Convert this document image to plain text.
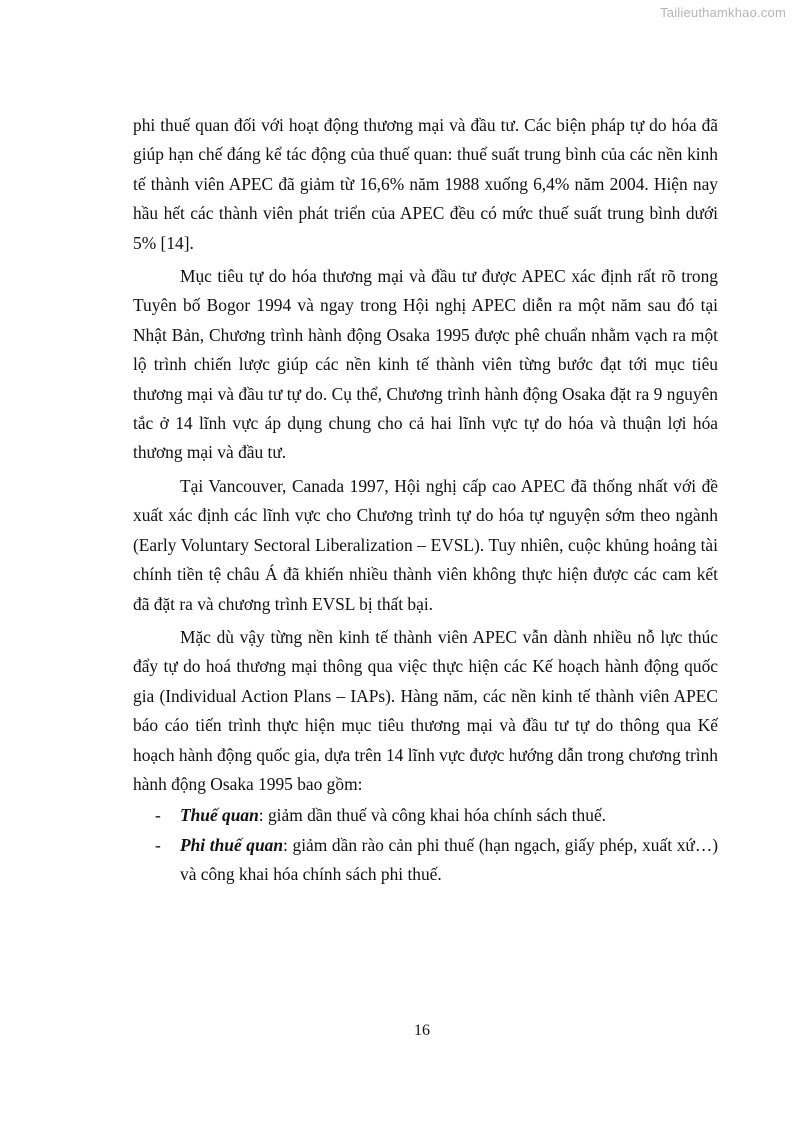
Tailieuthamkhao.com

phi thuế quan đối với hoạt động thương mại và đầu tư. Các biện pháp tự do hóa đã giúp hạn chế đáng kể tác động của thuế quan: thuế suất trung bình của các nền kinh tế thành viên APEC đã giảm từ 16,6% năm 1988 xuống 6,4% năm 2004. Hiện nay hầu hết các thành viên phát triển của APEC đều có mức thuế suất trung bình dưới 5% [14].

Mục tiêu tự do hóa thương mại và đầu tư được APEC xác định rất rõ trong Tuyên bố Bogor 1994 và ngay trong Hội nghị APEC diễn ra một năm sau đó tại Nhật Bản, Chương trình hành động Osaka 1995 được phê chuẩn nhằm vạch ra một lộ trình chiến lược giúp các nền kinh tế thành viên từng bước đạt tới mục tiêu thương mại và đầu tư tự do. Cụ thể, Chương trình hành động Osaka đặt ra 9 nguyên tắc ở 14 lĩnh vực áp dụng chung cho cả hai lĩnh vực tự do hóa và thuận lợi hóa thương mại và đầu tư.

Tại Vancouver, Canada 1997, Hội nghị cấp cao APEC đã thống nhất với đề xuất xác định các lĩnh vực cho Chương trình tự do hóa tự nguyện sớm theo ngành (Early Voluntary Sectoral Liberalization – EVSL). Tuy nhiên, cuộc khủng hoảng tài chính tiền tệ châu Á đã khiến nhiều thành viên không thực hiện được các cam kết đã đặt ra và chương trình EVSL bị thất bại.

Mặc dù vậy từng nền kinh tế thành viên APEC vẫn dành nhiều nỗ lực thúc đẩy tự do hoá thương mại thông qua việc thực hiện các Kế hoạch hành động quốc gia (Individual Action Plans – IAPs). Hàng năm, các nền kinh tế thành viên APEC báo cáo tiến trình thực hiện mục tiêu thương mại và đầu tư tự do thông qua Kế hoạch hành động quốc gia, dựa trên 14 lĩnh vực được hướng dẫn trong chương trình hành động Osaka 1995 bao gồm:

- Thuế quan: giảm dần thuế và công khai hóa chính sách thuế.
- Phi thuế quan: giảm dần rào cản phi thuế (hạn ngạch, giấy phép, xuất xứ…) và công khai hóa chính sách phi thuế.
16
